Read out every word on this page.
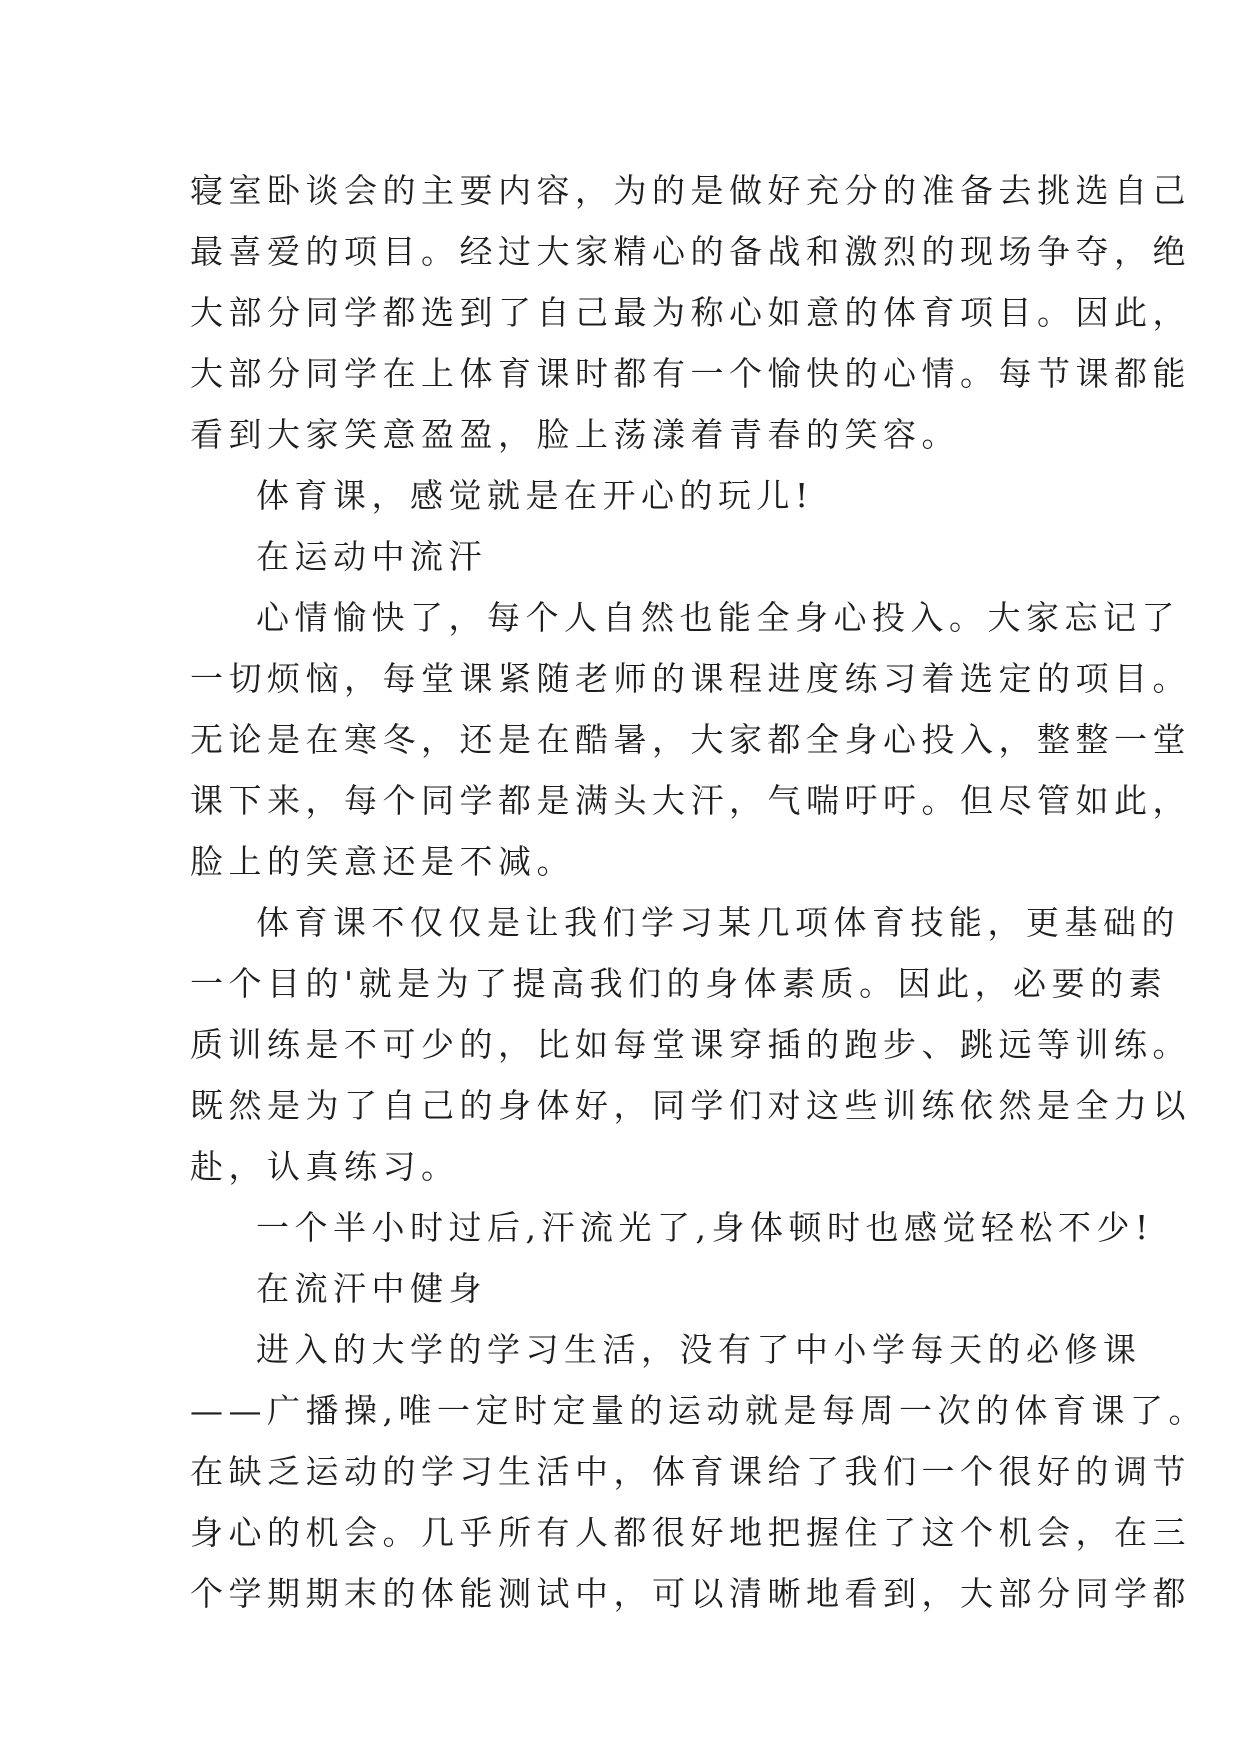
寝室卧谈会的主要内容，为的是做好充分的准备去挑选自己
最喜爱的项目。经过大家精心的备战和激烈的现场争夺，绝
大部分同学都选到了自己最为称心如意的体育项目。因此，
大部分同学在上体育课时都有一个愉快的心情。每节课都能
看到大家笑意盈盈，脸上荡漾着青春的笑容。
体育课，感觉就是在开心的玩儿!
在运动中流汗
心情愉快了，每个人自然也能全身心投入。大家忘记了
一切烦恼，每堂课紧随老师的课程进度练习着选定的项目。
无论是在寒冬，还是在酷暑，大家都全身心投入，整整一堂
课下来，每个同学都是满头大汗，气喘吁吁。但尽管如此，
脸上的笑意还是不减。
体育课不仅仅是让我们学习某几项体育技能，更基础的
一个目的'就是为了提高我们的身体素质。因此，必要的素
质训练是不可少的，比如每堂课穿插的跑步、跳远等训练。
既然是为了自己的身体好，同学们对这些训练依然是全力以
赴，认真练习。
一个半小时过后,汗流光了,身体顿时也感觉轻松不少!
在流汗中健身
进入的大学的学习生活，没有了中小学每天的必修课
——广播操,唯一定时定量的运动就是每周一次的体育课了。
在缺乏运动的学习生活中，体育课给了我们一个很好的调节
身心的机会。几乎所有人都很好地把握住了这个机会，在三
个学期期末的体能测试中，可以清晰地看到，大部分同学都
